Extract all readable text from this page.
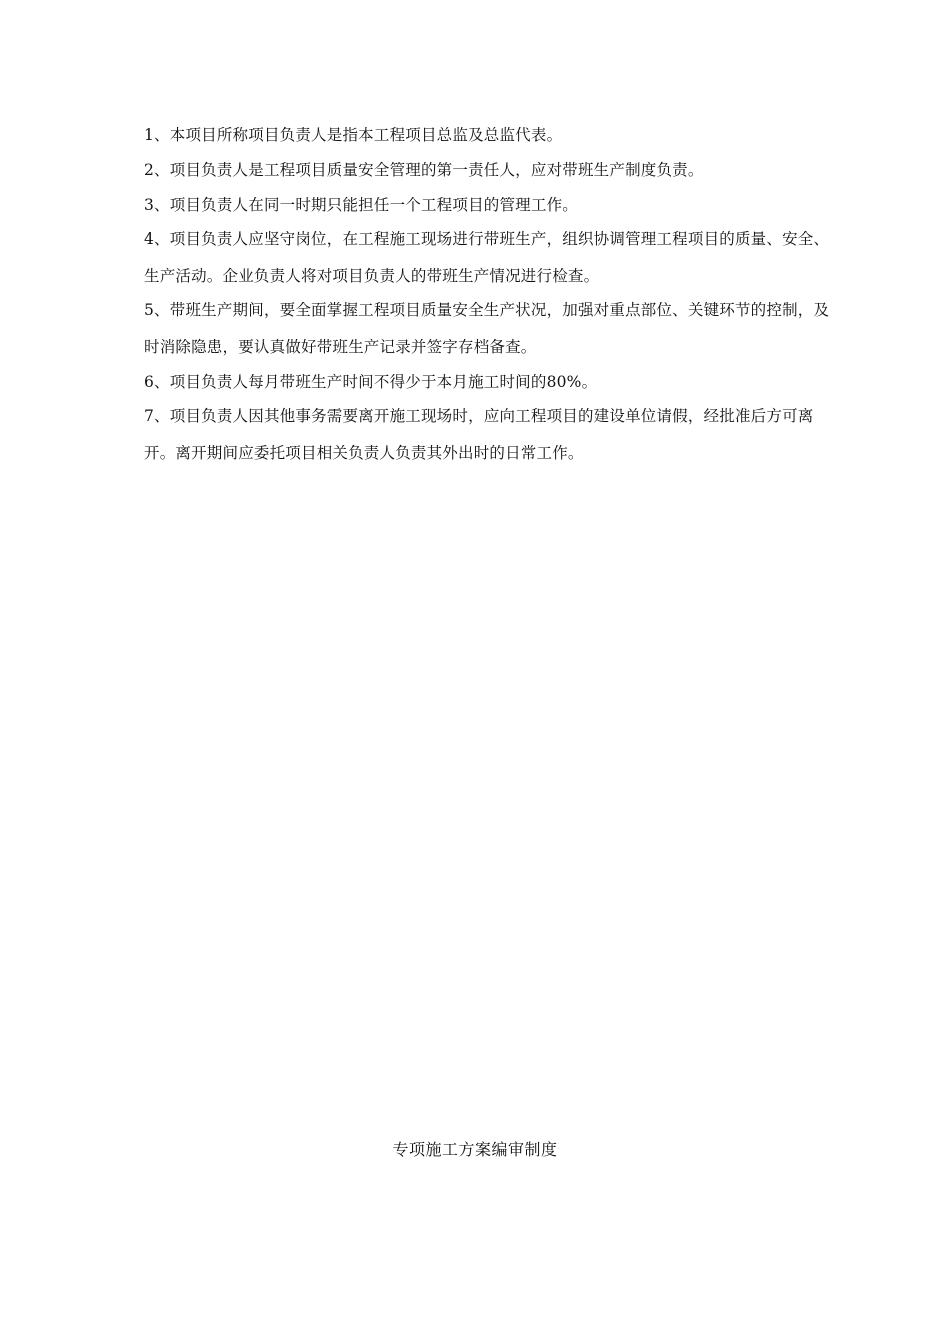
1、本项目所称项目负责人是指本工程项目总监及总监代表。

2、项目负责人是工程项目质量安全管理的第一责任人，应对带班生产制度负责。

3、项目负责人在同一时期只能担任一个工程项目的管理工作。

4、项目负责人应坚守岗位，在工程施工现场进行带班生产，组织协调管理工程项目的质量、安全、生产活动。企业负责人将对项目负责人的带班生产情况进行检查。

5、带班生产期间，要全面掌握工程项目质量安全生产状况，加强对重点部位、关键环节的控制，及时消除隐患，要认真做好带班生产记录并签字存档备查。

6、项目负责人每月带班生产时间不得少于本月施工时间的80%。

7、项目负责人因其他事务需要离开施工现场时，应向工程项目的建设单位请假，经批准后方可离开。离开期间应委托项目相关负责人负责其外出时的日常工作。

专项施工方案编审制度
